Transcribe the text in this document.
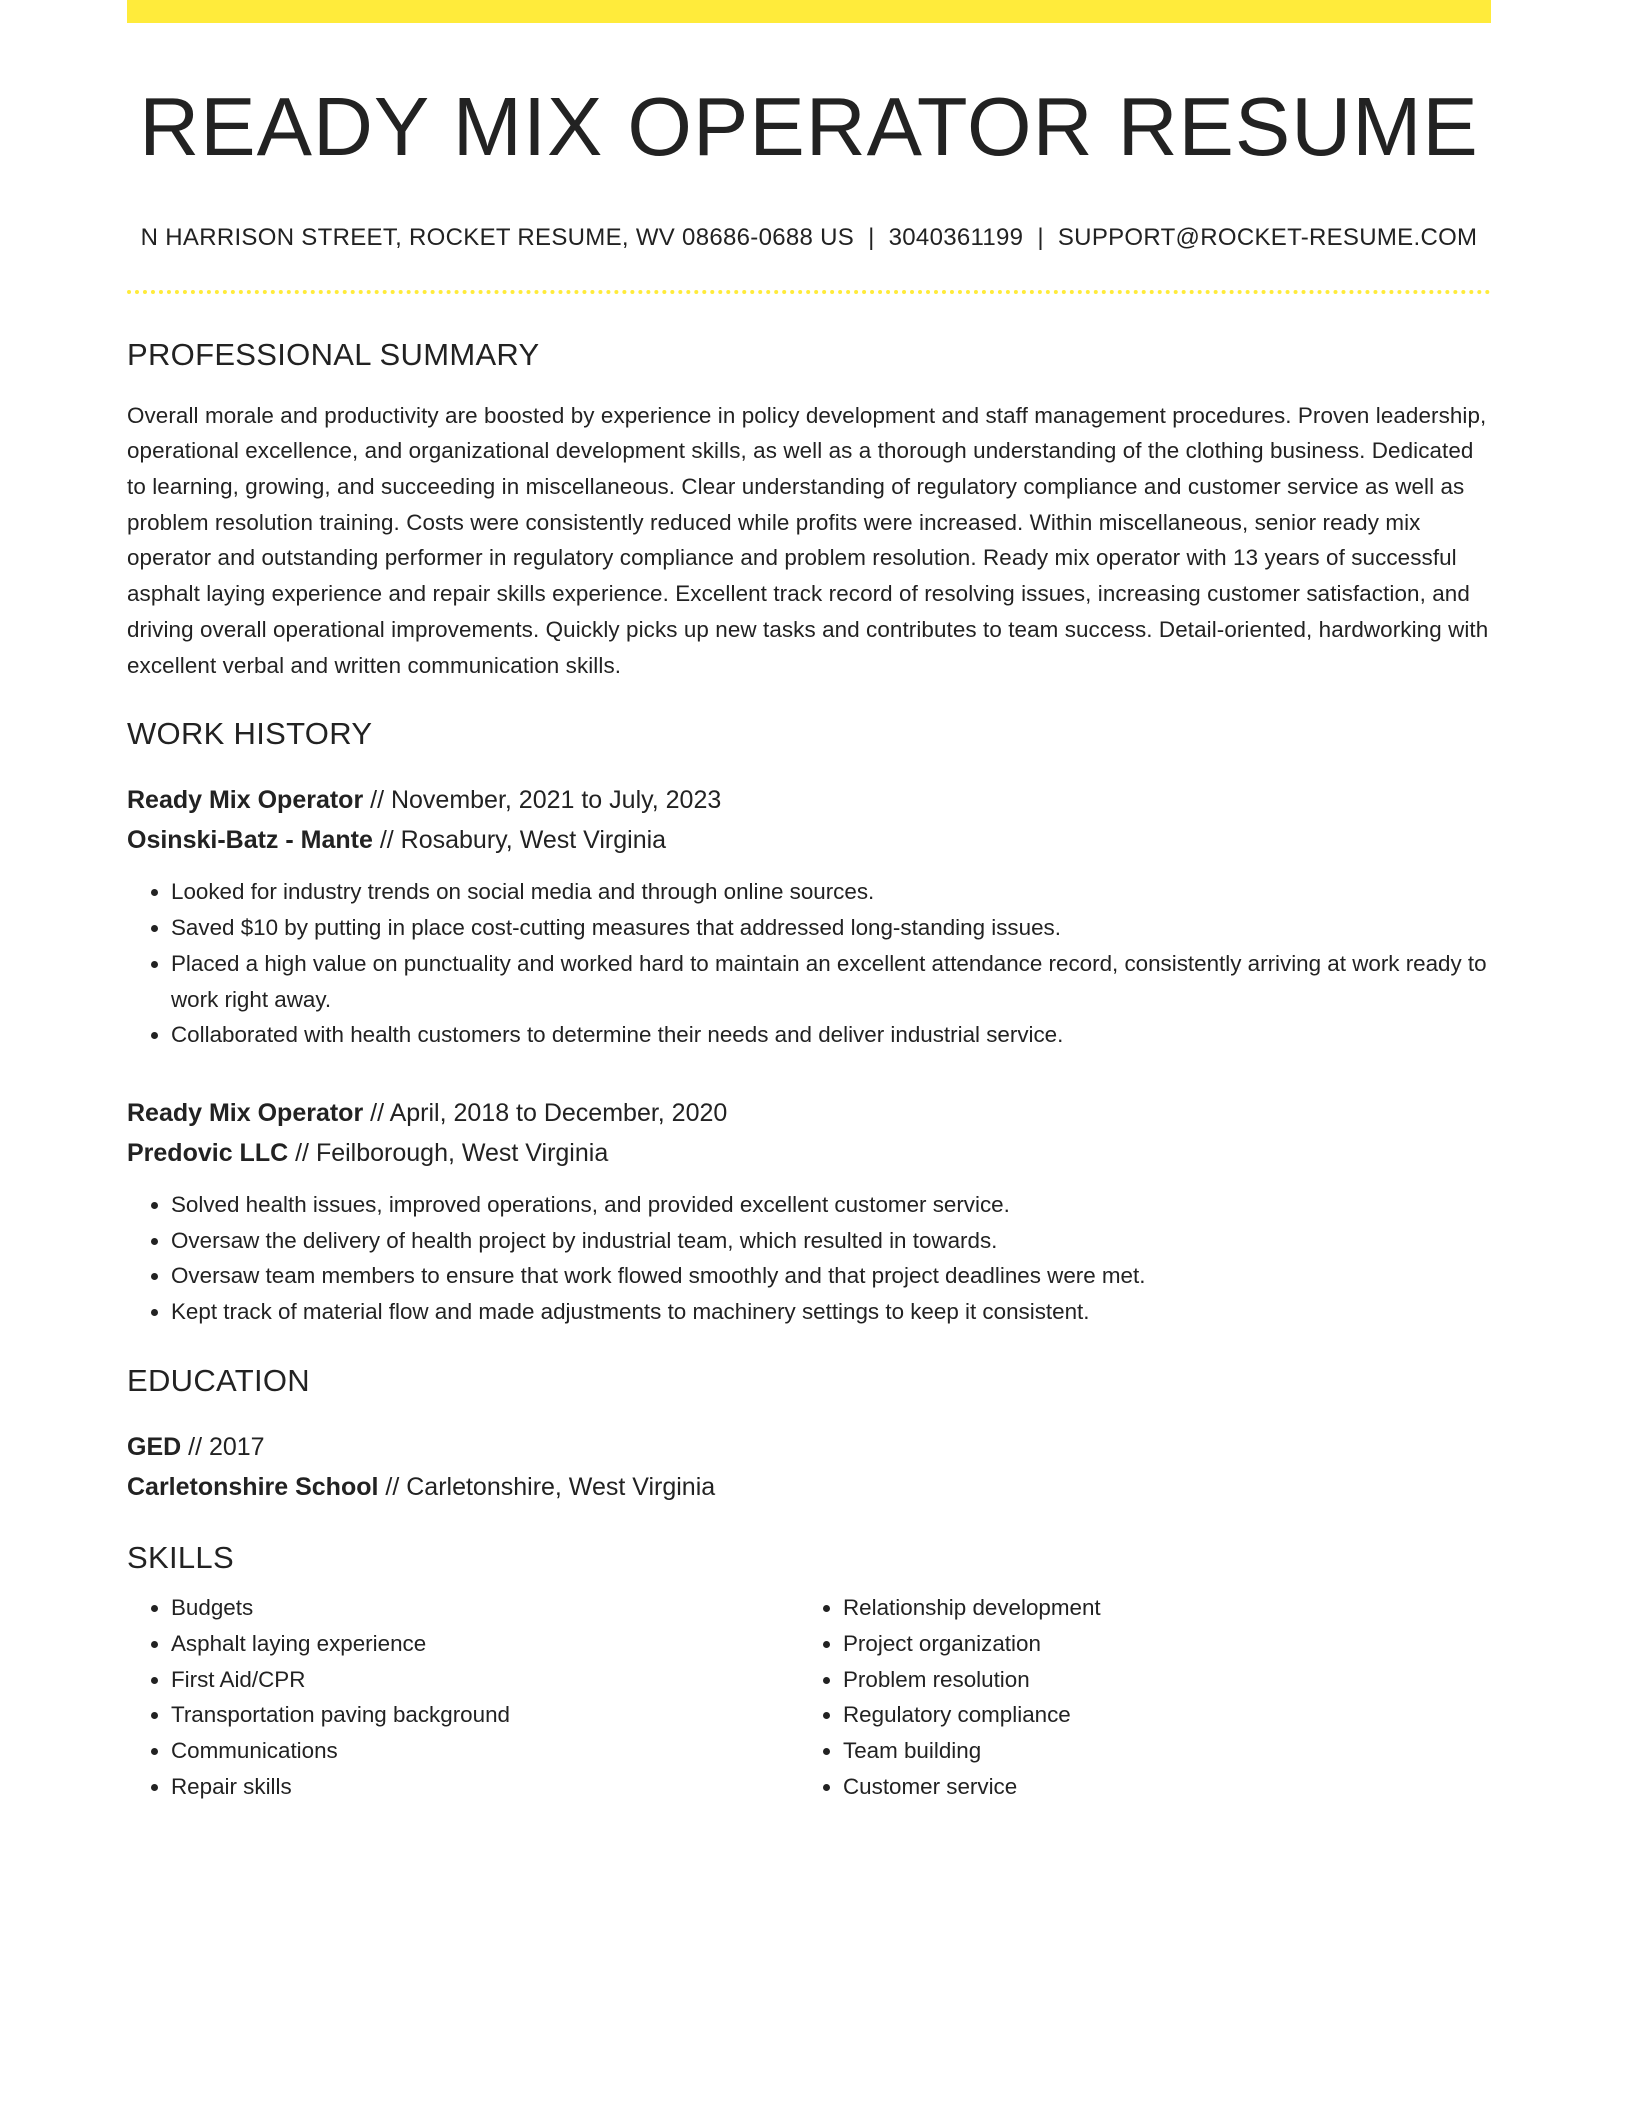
READY MIX OPERATOR RESUME
N HARRISON STREET, ROCKET RESUME, WV 08686-0688 US | 3040361199 | SUPPORT@ROCKET-RESUME.COM
PROFESSIONAL SUMMARY
Overall morale and productivity are boosted by experience in policy development and staff management procedures. Proven leadership, operational excellence, and organizational development skills, as well as a thorough understanding of the clothing business. Dedicated to learning, growing, and succeeding in miscellaneous. Clear understanding of regulatory compliance and customer service as well as problem resolution training. Costs were consistently reduced while profits were increased. Within miscellaneous, senior ready mix operator and outstanding performer in regulatory compliance and problem resolution. Ready mix operator with 13 years of successful asphalt laying experience and repair skills experience. Excellent track record of resolving issues, increasing customer satisfaction, and driving overall operational improvements. Quickly picks up new tasks and contributes to team success. Detail-oriented, hardworking with excellent verbal and written communication skills.
WORK HISTORY
Ready Mix Operator // November, 2021 to July, 2023
Osinski-Batz - Mante // Rosabury, West Virginia
• Looked for industry trends on social media and through online sources.
• Saved $10 by putting in place cost-cutting measures that addressed long-standing issues.
• Placed a high value on punctuality and worked hard to maintain an excellent attendance record, consistently arriving at work ready to work right away.
• Collaborated with health customers to determine their needs and deliver industrial service.
Ready Mix Operator // April, 2018 to December, 2020
Predovic LLC // Feilborough, West Virginia
• Solved health issues, improved operations, and provided excellent customer service.
• Oversaw the delivery of health project by industrial team, which resulted in towards.
• Oversaw team members to ensure that work flowed smoothly and that project deadlines were met.
• Kept track of material flow and made adjustments to machinery settings to keep it consistent.
EDUCATION
GED // 2017
Carletonshire School // Carletonshire, West Virginia
SKILLS
• Budgets
• Asphalt laying experience
• First Aid/CPR
• Transportation paving background
• Communications
• Repair skills
• Relationship development
• Project organization
• Problem resolution
• Regulatory compliance
• Team building
• Customer service
